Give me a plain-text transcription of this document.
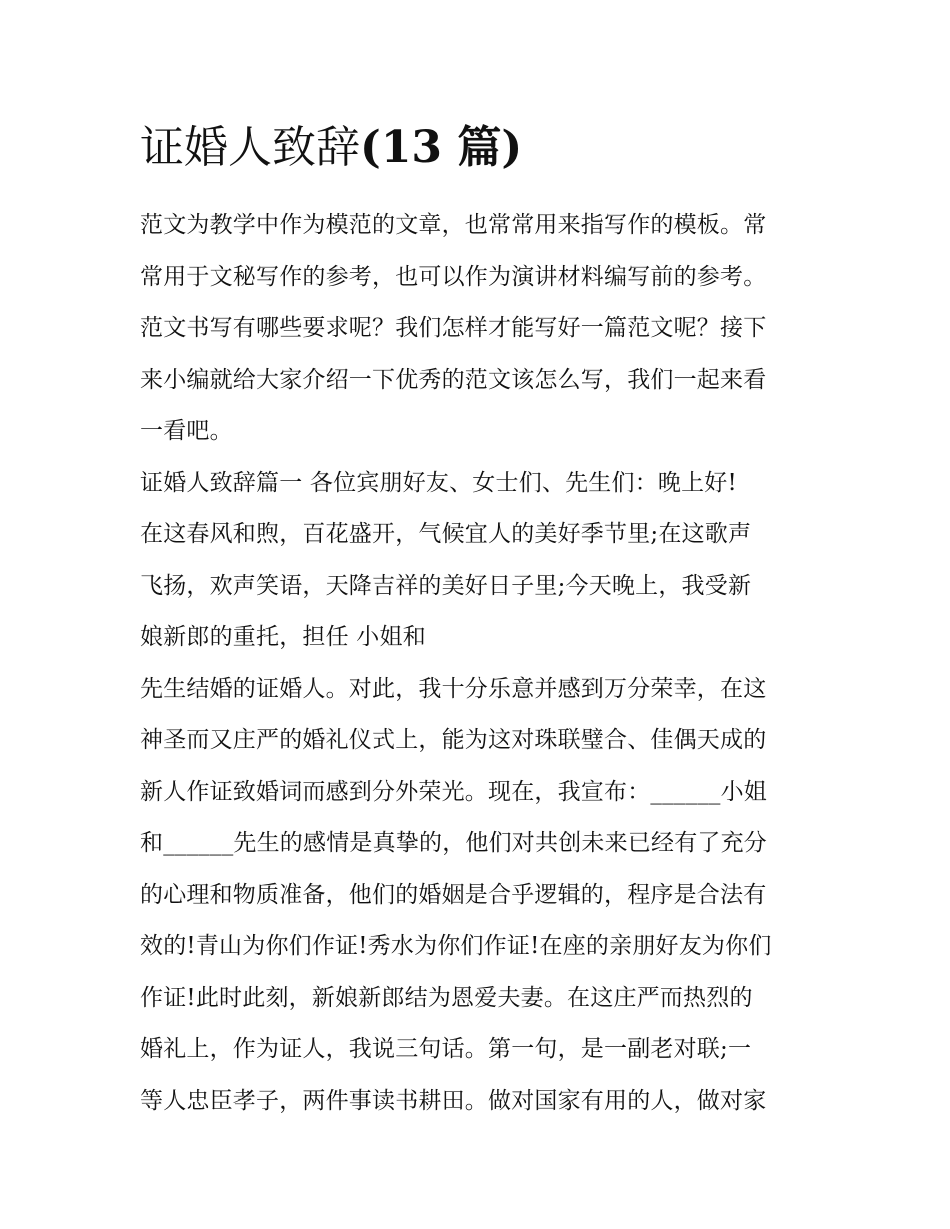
证婚人致辞(13 篇)
范文为教学中作为模范的文章，也常常用来指写作的模板。常
常用于文秘写作的参考，也可以作为演讲材料编写前的参考。
范文书写有哪些要求呢？我们怎样才能写好一篇范文呢？接下
来小编就给大家介绍一下优秀的范文该怎么写，我们一起来看
一看吧。
证婚人致辞篇一 各位宾朋好友、女士们、先生们：晚上好!
在这春风和煦，百花盛开，气候宜人的美好季节里;在这歌声
飞扬，欢声笑语，天降吉祥的美好日子里;今天晚上，我受新
娘新郎的重托，担任 小姐和
先生结婚的证婚人。对此，我十分乐意并感到万分荣幸，在这
神圣而又庄严的婚礼仪式上，能为这对珠联璧合、佳偶天成的
新人作证致婚词而感到分外荣光。现在，我宣布：______小姐
和______先生的感情是真挚的，他们对共创未来已经有了充分
的心理和物质准备，他们的婚姻是合乎逻辑的，程序是合法有
效的!青山为你们作证!秀水为你们作证!在座的亲朋好友为你们
作证!此时此刻，新娘新郎结为恩爱夫妻。在这庄严而热烈的
婚礼上，作为证人，我说三句话。第一句，是一副老对联;一
等人忠臣孝子，两件事读书耕田。做对国家有用的人，做对家
